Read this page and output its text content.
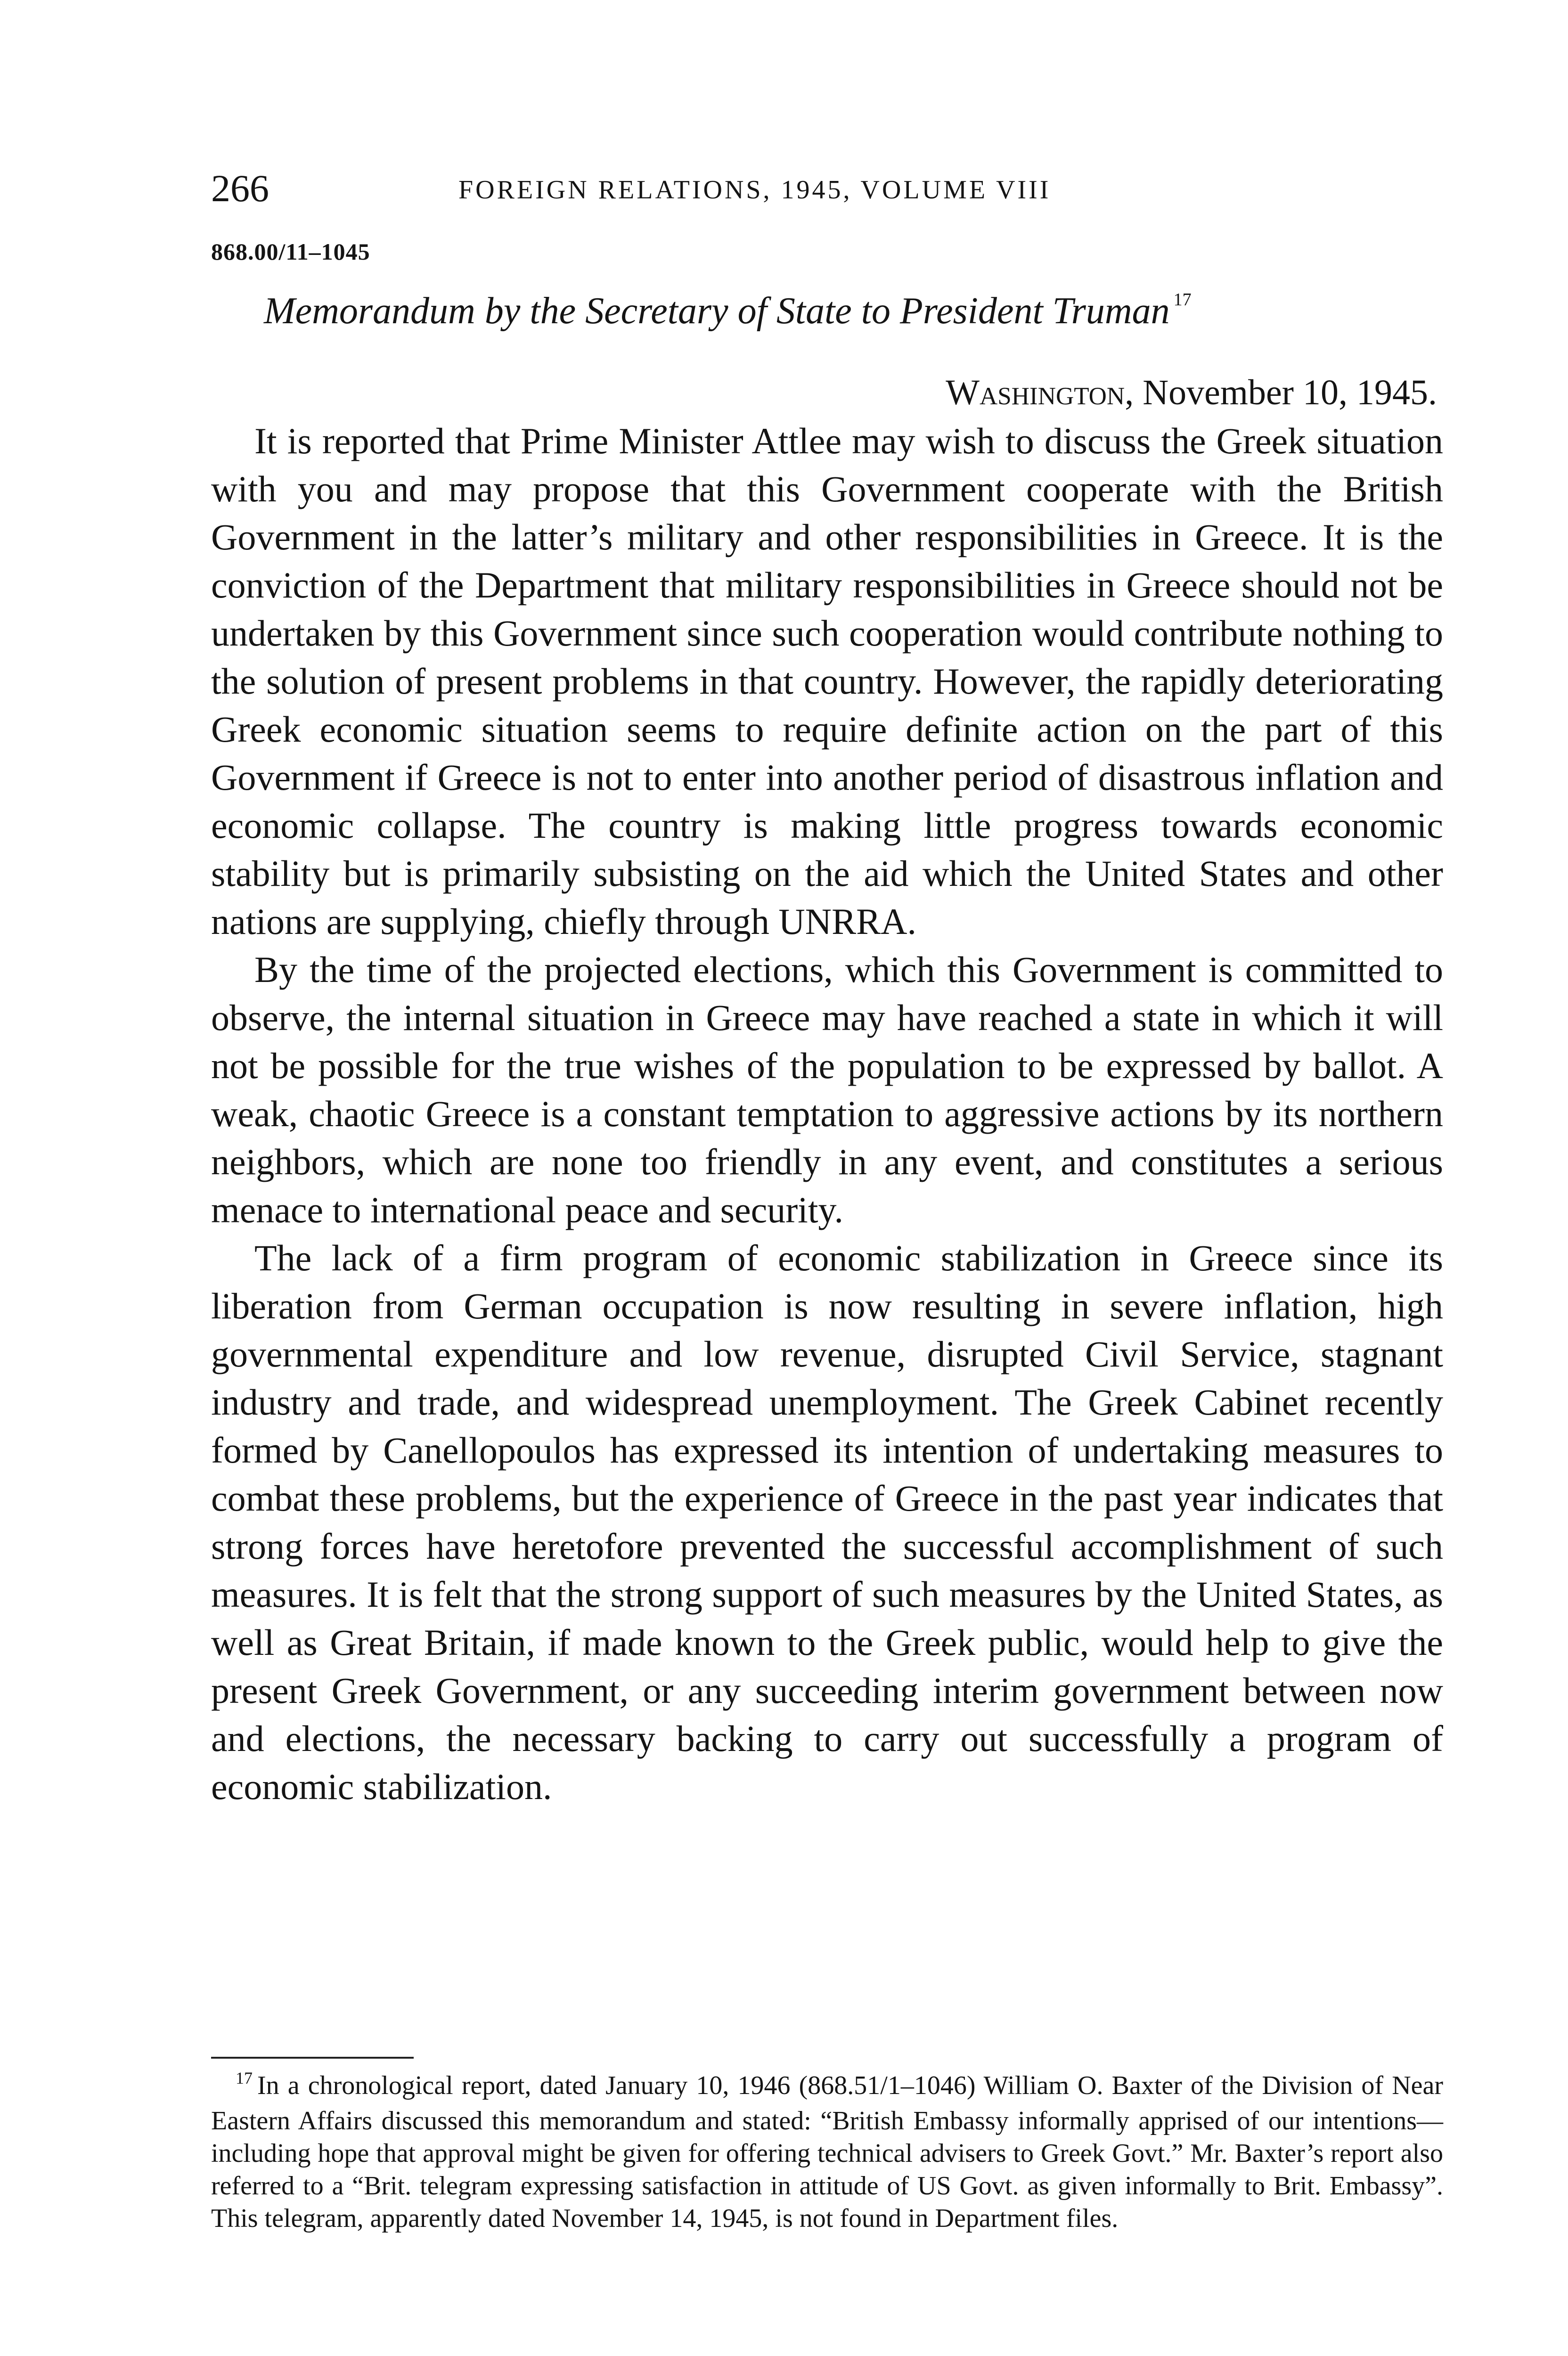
266	FOREIGN RELATIONS, 1945, VOLUME VIII
868.00/11–1045
Memorandum by the Secretary of State to President Truman $^{17}$
Washington, November 10, 1945.

It is reported that Prime Minister Attlee may wish to discuss the Greek situation with you and may propose that this Government cooperate with the British Government in the latter’s military and other responsibilities in Greece. It is the conviction of the Department that military responsibilities in Greece should not be undertaken by this Government since such cooperation would contribute nothing to the solution of present problems in that country. However, the rapidly deteriorating Greek economic situation seems to require definite action on the part of this Government if Greece is not to enter into another period of disastrous inflation and economic collapse. The country is making little progress towards economic stability but is primarily subsisting on the aid which the United States and other nations are supplying, chiefly through UNRRA.

By the time of the projected elections, which this Government is committed to observe, the internal situation in Greece may have reached a state in which it will not be possible for the true wishes of the population to be expressed by ballot. A weak, chaotic Greece is a constant temptation to aggressive actions by its northern neighbors, which are none too friendly in any event, and constitutes a serious menace to international peace and security.

The lack of a firm program of economic stabilization in Greece since its liberation from German occupation is now resulting in severe inflation, high governmental expenditure and low revenue, disrupted Civil Service, stagnant industry and trade, and widespread unemployment. The Greek Cabinet recently formed by Canellopoulos has expressed its intention of undertaking measures to combat these problems, but the experience of Greece in the past year indicates that strong forces have heretofore prevented the successful accomplishment of such measures. It is felt that the strong support of such measures by the United States, as well as Great Britain, if made known to the Greek public, would help to give the present Greek Government, or any succeeding interim government between now and elections, the necessary backing to carry out successfully a program of economic stabilization.

$^{17}$ In a chronological report, dated January 10, 1946 (868.51/1–1046) William O. Baxter of the Division of Near Eastern Affairs discussed this memorandum and stated: “British Embassy informally apprised of our intentions—including hope that approval might be given for offering technical advisers to Greek Govt.” Mr. Baxter’s report also referred to a “Brit. telegram expressing satisfaction in attitude of US Govt. as given informally to Brit. Embassy”. This telegram, apparently dated November 14, 1945, is not found in Department files.
